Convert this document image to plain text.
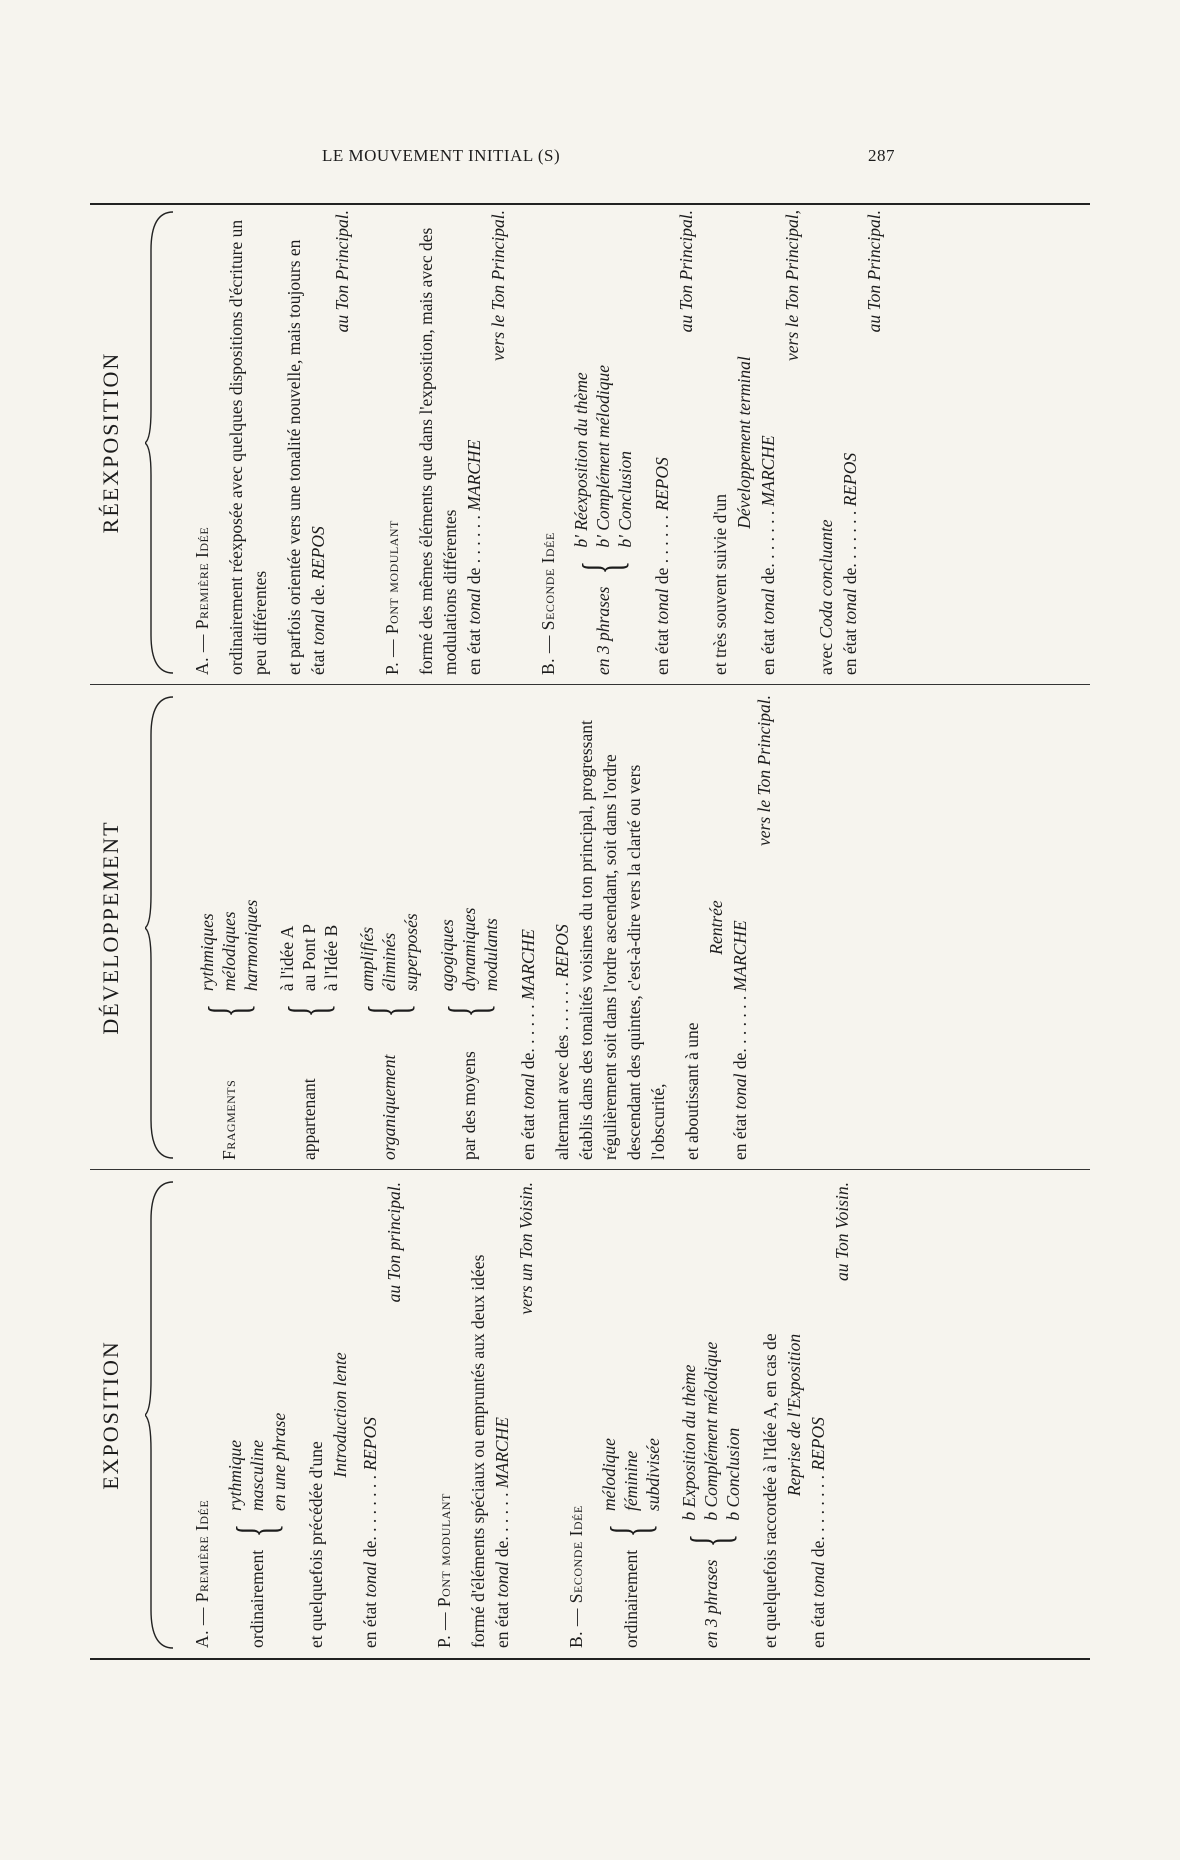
LE MOUVEMENT INITIAL (S)	287
EXPOSITION
DÉVELOPPEMENT
RÉEXPOSITION

A. — Première Idée ordinairement
{
rythmique masculine en une phrase et quelquefois précédée d'une

Introduction lente

en état tonal de. . . . . . . . REPOS

au Ton principal.

P. — Pont modulant formé d'éléments spéciaux ou empruntés aux deux idées en état tonal de. . . . . . MARCHE

vers un Ton Voisin.

B. — Seconde Idée ordinairement
{
mélodique féminine subdivisée
en 3 phrases
{
b Exposition du thème b Complément mélodique b Conclusion et quelquefois raccordée à l'Idée A, en cas de Reprise de l'Exposition

en état tonal de. . . . . . . . REPOS

au Ton Voisin.

Fragments
{
rythmiques mélodiques harmoniques
appartenant
{
à l'idée A au Pont P à l'Idée B
organiquement
{
amplifiés éliminés superposés
par des moyens
{
agogiques dynamiques modulants

en état tonal de. . . . . . MARCHE

alternant avec des . . . . . . REPOS établis dans des tonalités voisines du ton principal, progressant régulièrement soit dans l'ordre ascendant, soit dans l'ordre descendant des quintes, c'est-à-dire vers la clarté ou vers l'obscurité, et aboutissant à une

Rentrée

en état tonal de. . . . . . . MARCHE

vers le Ton Principal.

A. — Première Idée ordinairement réexposée avec quelques dispositions d'écriture un peu différentes et parfois orientée vers une tonalité nouvelle, mais toujours en état tonal de. REPOS

au Ton Principal.

P. — Pont modulant formé des mêmes éléments que dans l'exposition, mais avec des modulations différentes en état tonal de . . . . . . MARCHE

vers le Ton Principal.

B. — Seconde Idée en 3 phrases
{
b' Réexposition du thème b' Complément mélodique b' Conclusion

en état tonal de . . . . . . REPOS

au Ton Principal.

et très souvent suivie d'un

Développement terminal

en état tonal de. . . . . . . MARCHE

vers le Ton Principal,

avec Coda concluante

en état tonal de. . . . . . . REPOS

au Ton Principal.
